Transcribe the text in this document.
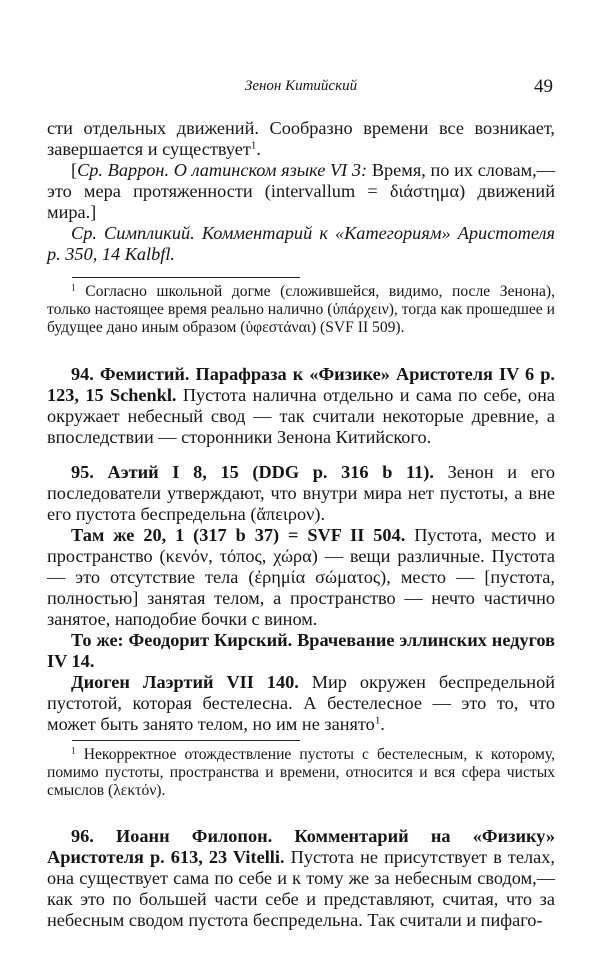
Зенон Китийский	49

сти отдельных движений. Сообразно времени все возникает, завершается и существует$^1$.

[Ср. Варрон. О латинском языке VI 3: Время, по их словам,— это мера протяженности (intervallum = διάστημα) движений мира.]

Ср. Симпликий. Комментарий к «Категориям» Аристотеля p. 350, 14 Kalbfl.

$^1$ Согласно школьной догме (сложившейся, видимо, после Зенона), только настоящее время реально налично (ὑπάρχειν), тогда как прошедшее и будущее дано иным образом (ὑφεστάναι) (SVF II 509).

94. Фемистий. Парафраза к «Физике» Аристотеля IV 6 p. 123, 15 Schenkl. Пустота налична отдельно и сама по себе, она окружает небесный свод — так считали некоторые древние, а впоследствии — сторонники Зенона Китийского.

95. Аэтий I 8, 15 (DDG p. 316 b 11). Зенон и его последователи утверждают, что внутри мира нет пустоты, а вне его пустота беспредельна (ἄπειρον).

Там же 20, 1 (317 b 37) = SVF II 504. Пустота, место и пространство (κενόν, τόπος, χώρα) — вещи различные. Пустота — это отсутствие тела (ἐρημία σώματος), место — [пустота, полностью] занятая телом, а пространство — нечто частично занятое, наподобие бочки с вином.

То же: Феодорит Кирский. Врачевание эллинских недугов IV 14.

Диоген Лаэртий VII 140. Мир окружен беспредельной пустотой, которая бестелесна. А бестелесное — это то, что может быть занято телом, но им не занято$^1$.

$^1$ Некорректное отождествление пустоты с бестелесным, к которому, помимо пустоты, пространства и времени, относится и вся сфера чистых смыслов (λεκτόν).

96. Иоанн Филопон. Комментарий на «Физику» Аристотеля p. 613, 23 Vitelli. Пустота не присутствует в телах, она существует сама по себе и к тому же за небесным сводом,— как это по большей части себе и представляют, считая, что за небесным сводом пустота беспредельна. Так считали и пифаго-
